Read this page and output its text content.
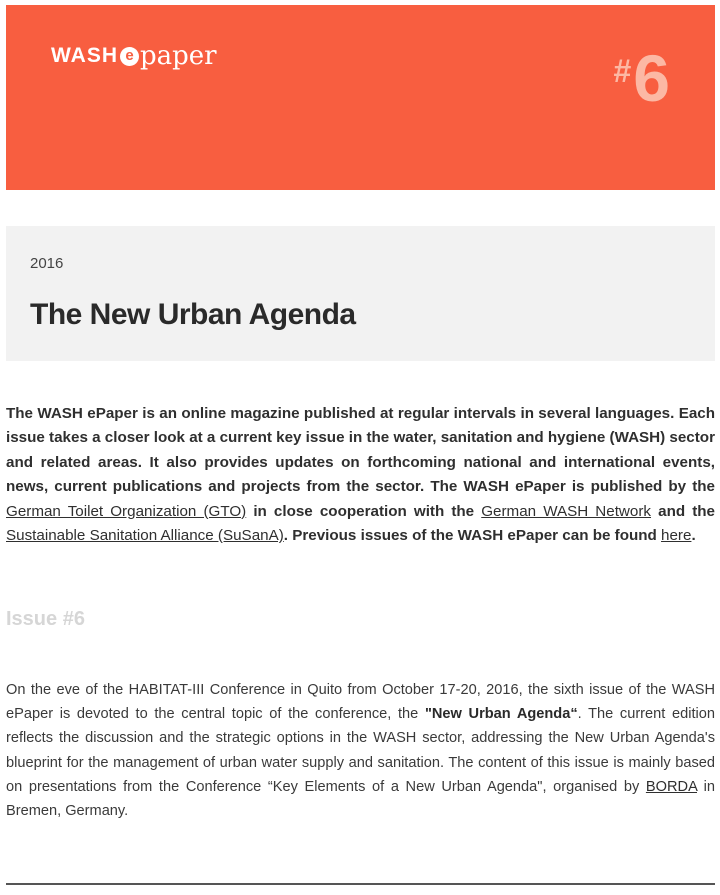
WASH e paper	# 6
2016
The New Urban Agenda

The WASH ePaper is an online magazine published at regular intervals in several languages. Each issue takes a closer look at a current key issue in the water, sanitation and hygiene (WASH) sector and related areas. It also provides updates on forthcoming national and international events, news, current publications and projects from the sector. The WASH ePaper is published by the German Toilet Organization (GTO) in close cooperation with the German WASH Network and the Sustainable Sanitation Alliance (SuSanA). Previous issues of the WASH ePaper can be found here.

Issue #6

On the eve of the HABITAT-III Conference in Quito from October 17-20, 2016, the sixth issue of the WASH ePaper is devoted to the central topic of the conference, the "New Urban Agenda“. The current edition reflects the discussion and the strategic options in the WASH sector, addressing the New Urban Agenda's blueprint for the management of urban water supply and sanitation. The content of this issue is mainly based on presentations from the Conference “Key Elements of a New Urban Agenda", organised by BORDA in Bremen, Germany.
